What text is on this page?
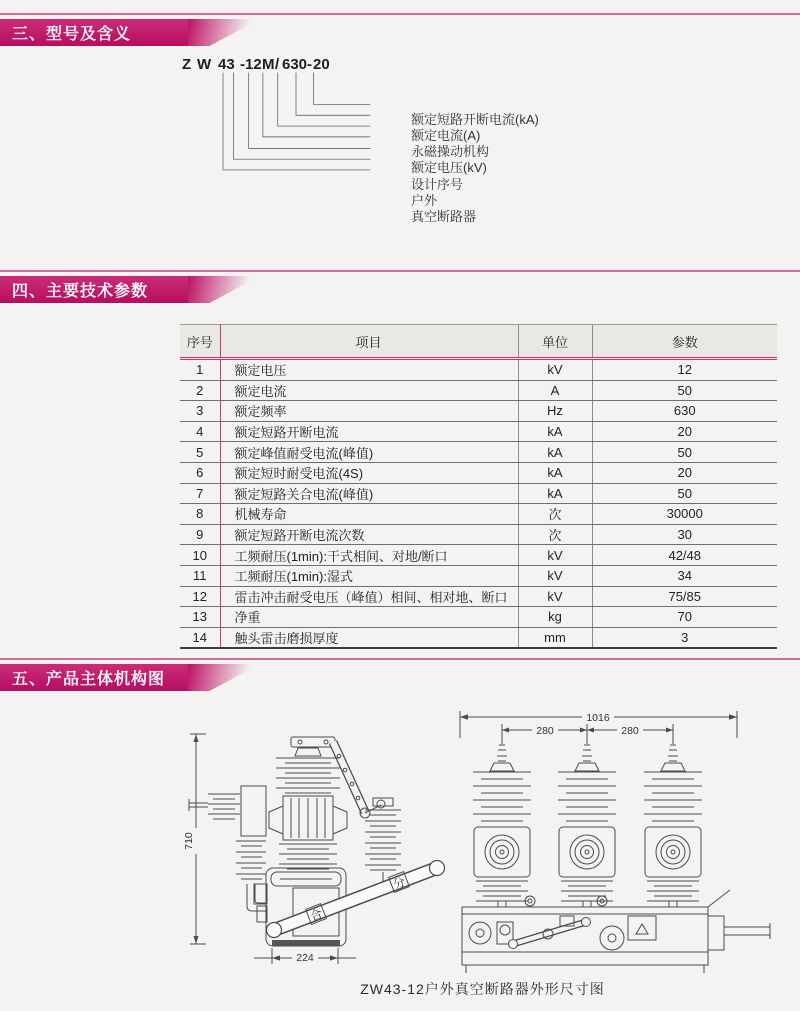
三、型号及含义
Z W 43 -12 M / 630- 20
额定短路开断电流(kA)
额定电流(A)
永磁操动机构
额定电压(kV)
设计序号
户外
真空断路器
四、主要技术参数
序号	项目	单位	参数
1	额定电压	kV	12
2	额定电流	A	50
3	额定频率	Hz	630
4	额定短路开断电流	kA	20
5	额定峰值耐受电流(峰值)	kA	50
6	额定短时耐受电流(4S)	kA	20
7	额定短路关合电流(峰值)	kA	50
8	机械寿命	次	30000
9	额定短路开断电流次数	次	30
10	工频耐压(1min):干式相间、对地/断口	kV	42/48
11	工频耐压(1min):湿式	kV	34
12	雷击冲击耐受电压（峰值）相间、相对地、断口	kV	75/85
13	净重	kg	70
14	触头雷击磨损厚度	mm	3
五、产品主体机构图
710
合
分
224
1016
280	280
ZW43-12户外真空断路器外形尺寸图
